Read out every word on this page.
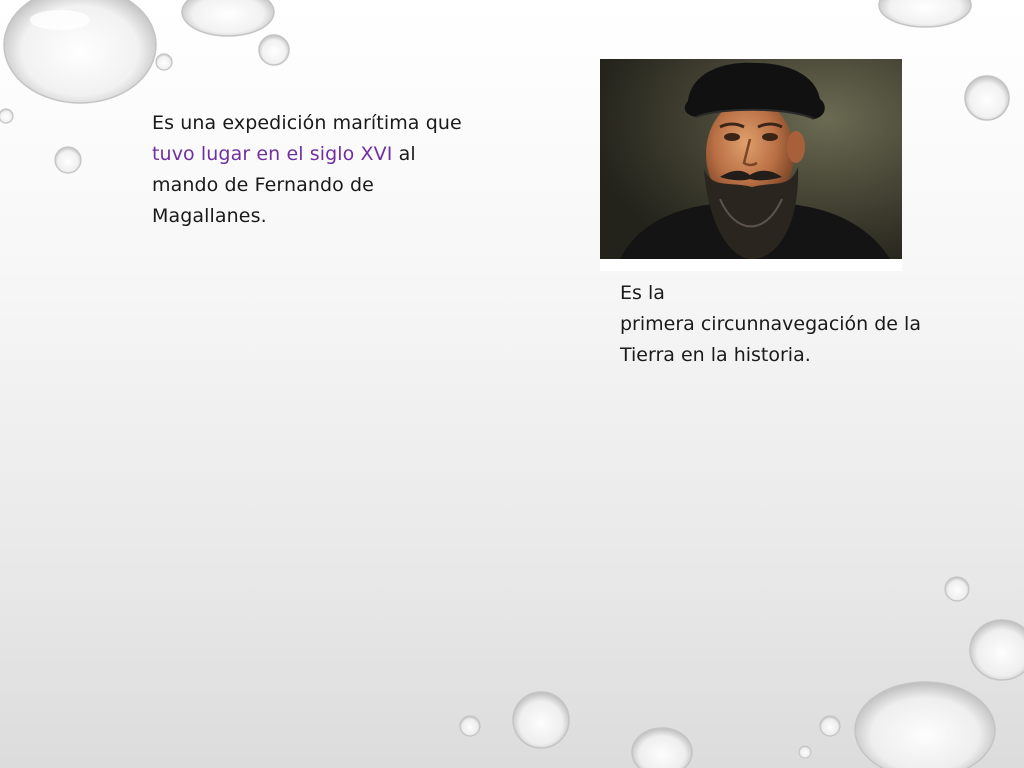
Es una expedición marítima que tuvo lugar en el siglo XVI al mando de Fernando de Magallanes.
Es la
primera circunnavegación de la Tierra en la historia.
